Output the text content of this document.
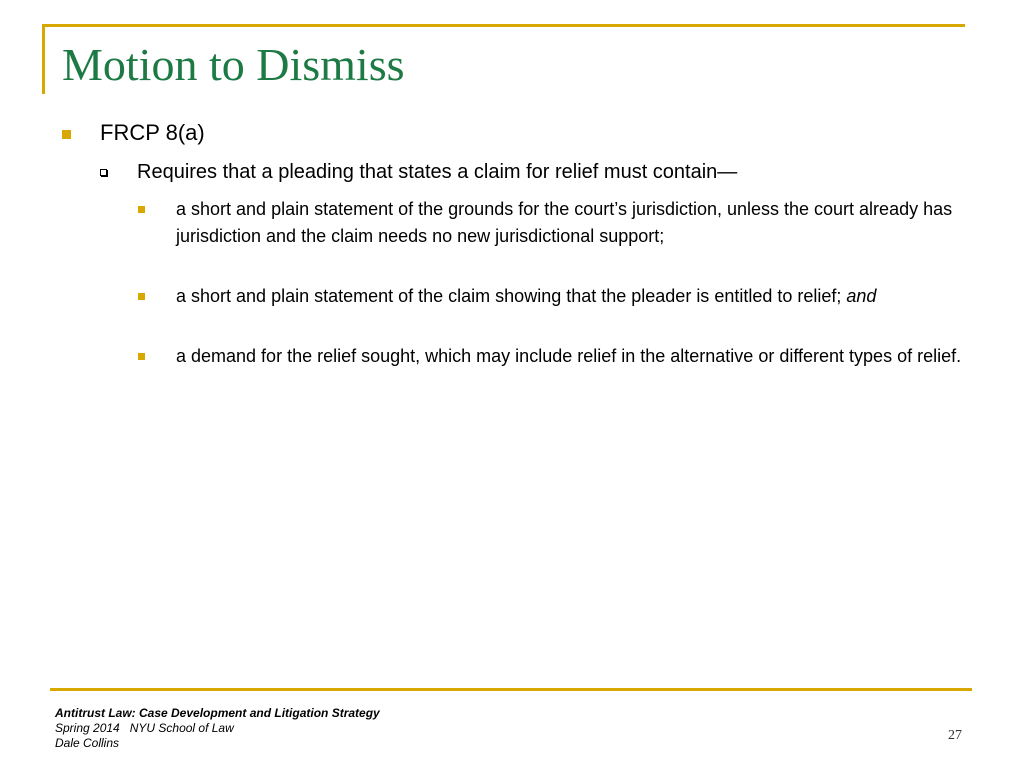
Motion to Dismiss
FRCP 8(a)
Requires that a pleading that states a claim for relief must contain—
a short and plain statement of the grounds for the court’s jurisdiction, unless the court already has jurisdiction and the claim needs no new jurisdictional support;
a short and plain statement of the claim showing that the pleader is entitled to relief; and
a demand for the relief sought, which may include relief in the alternative or different types of relief.
Antitrust Law: Case Development and Litigation Strategy
Spring 2014   NYU School of Law
Dale Collins	27
